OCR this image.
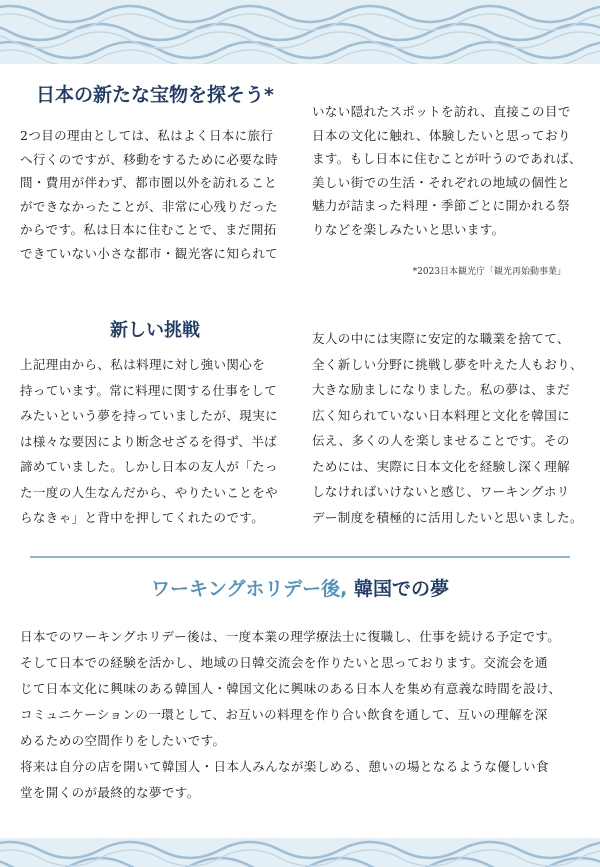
日本の新たな宝物を探そう*
2つ目の理由としては、私はよく日本に旅行
へ行くのですが、移動をするために必要な時
間・費用が伴わず、都市圏以外を訪れること
ができなかったことが、非常に心残りだった
からです。私は日本に住むことで、まだ開拓
できていない小さな都市・観光客に知られて
いない隠れたスポットを訪れ、直接この目で
日本の文化に触れ、体験したいと思っており
ます。もし日本に住むことが叶うのであれば、
美しい街での生活・それぞれの地域の個性と
魅力が詰まった料理・季節ごとに開かれる祭
りなどを楽しみたいと思います。

*2023日本観光庁「観光再始動事業」

新しい挑戦
上記理由から、私は料理に対し強い関心を
持っています。常に料理に関する仕事をして
みたいという夢を持っていましたが、現実に
は様々な要因により断念せざるを得ず、半ば
諦めていました。しかし日本の友人が「たっ
た一度の人生なんだから、やりたいことをや
らなきゃ」と背中を押してくれたのです。
友人の中には実際に安定的な職業を捨てて、
全く新しい分野に挑戦し夢を叶えた人もおり、
大きな励ましになりました。私の夢は、まだ
広く知られていない日本料理と文化を韓国に
伝え、多くの人を楽しませることです。その
ためには、実際に日本文化を経験し深く理解
しなければいけないと感じ、ワーキングホリ
デー制度を積極的に活用したいと思いました。
ワーキングホリデー後, 韓国での夢
日本でのワーキングホリデー後は、一度本業の理学療法士に復職し、仕事を続ける予定です。
そして日本での経験を活かし、地域の日韓交流会を作りたいと思っております。交流会を通
じて日本文化に興味のある韓国人・韓国文化に興味のある日本人を集め有意義な時間を設け、
コミュニケーションの一環として、お互いの料理を作り合い飲食を通して、互いの理解を深
めるための空間作りをしたいです。
将来は自分の店を開いて韓国人・日本人みんなが楽しめる、憩いの場となるような優しい食
堂を開くのが最終的な夢です。
